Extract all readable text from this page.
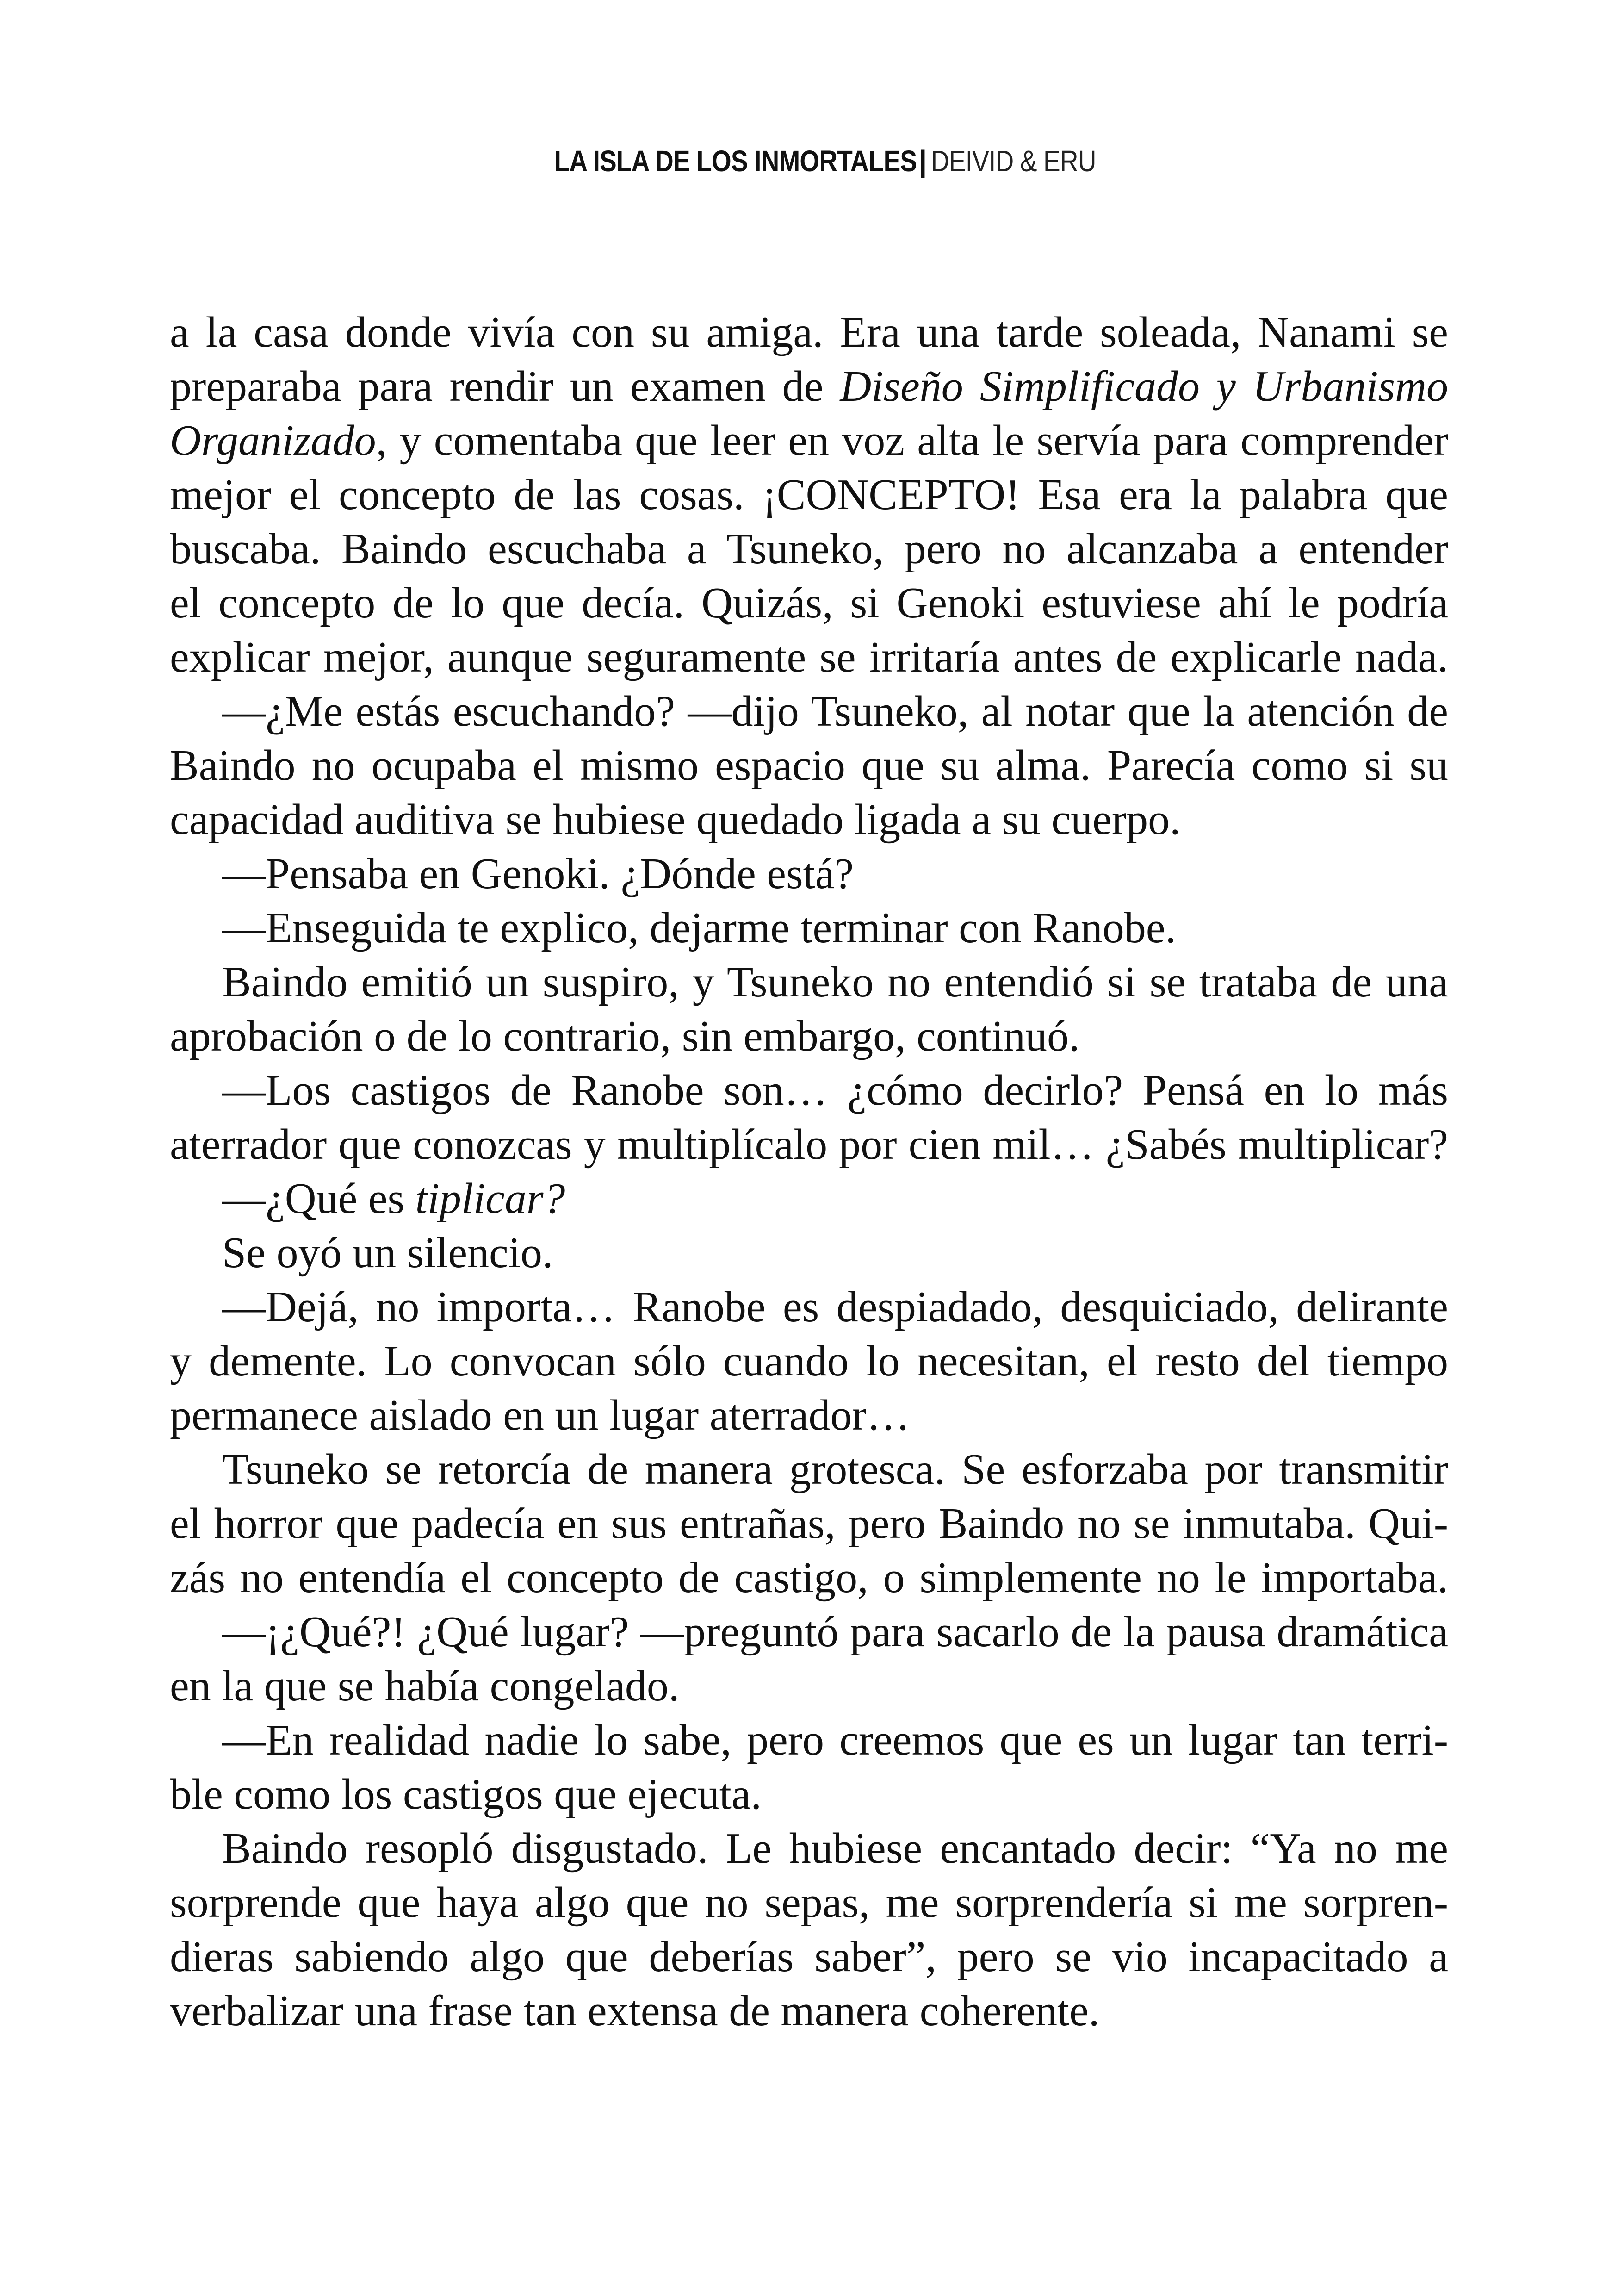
LA ISLA DE LOS INMORTALES| DEIVID & ERU
a la casa donde vivía con su amiga. Era una tarde soleada, Nanami se
preparaba para rendir un examen de Diseño Simplificado y Urbanismo
Organizado, y comentaba que leer en voz alta le servía para comprender
mejor el concepto de las cosas. ¡CONCEPTO! Esa era la palabra que
buscaba. Baindo escuchaba a Tsuneko, pero no alcanzaba a entender
el concepto de lo que decía. Quizás, si Genoki estuviese ahí le podría
explicar mejor, aunque seguramente se irritaría antes de explicarle nada.
—¿Me estás escuchando? —dijo Tsuneko, al notar que la atención de
Baindo no ocupaba el mismo espacio que su alma. Parecía como si su
capacidad auditiva se hubiese quedado ligada a su cuerpo.
—Pensaba en Genoki. ¿Dónde está?
—Enseguida te explico, dejarme terminar con Ranobe.
Baindo emitió un suspiro, y Tsuneko no entendió si se trataba de una
aprobación o de lo contrario, sin embargo, continuó.
—Los castigos de Ranobe son… ¿cómo decirlo? Pensá en lo más
aterrador que conozcas y multiplícalo por cien mil… ¿Sabés multiplicar?
—¿Qué es tiplicar?
Se oyó un silencio.
—Dejá, no importa… Ranobe es despiadado, desquiciado, delirante
y demente. Lo convocan sólo cuando lo necesitan, el resto del tiempo
permanece aislado en un lugar aterrador…
Tsuneko se retorcía de manera grotesca. Se esforzaba por transmitir
el horror que padecía en sus entrañas, pero Baindo no se inmutaba. Qui-
zás no entendía el concepto de castigo, o simplemente no le importaba.
—¡¿Qué?! ¿Qué lugar? —preguntó para sacarlo de la pausa dramática
en la que se había congelado.
—En realidad nadie lo sabe, pero creemos que es un lugar tan terri-
ble como los castigos que ejecuta.
Baindo resopló disgustado. Le hubiese encantado decir: “Ya no me
sorprende que haya algo que no sepas, me sorprendería si me sorpren-
dieras sabiendo algo que deberías saber”, pero se vio incapacitado a
verbalizar una frase tan extensa de manera coherente.
